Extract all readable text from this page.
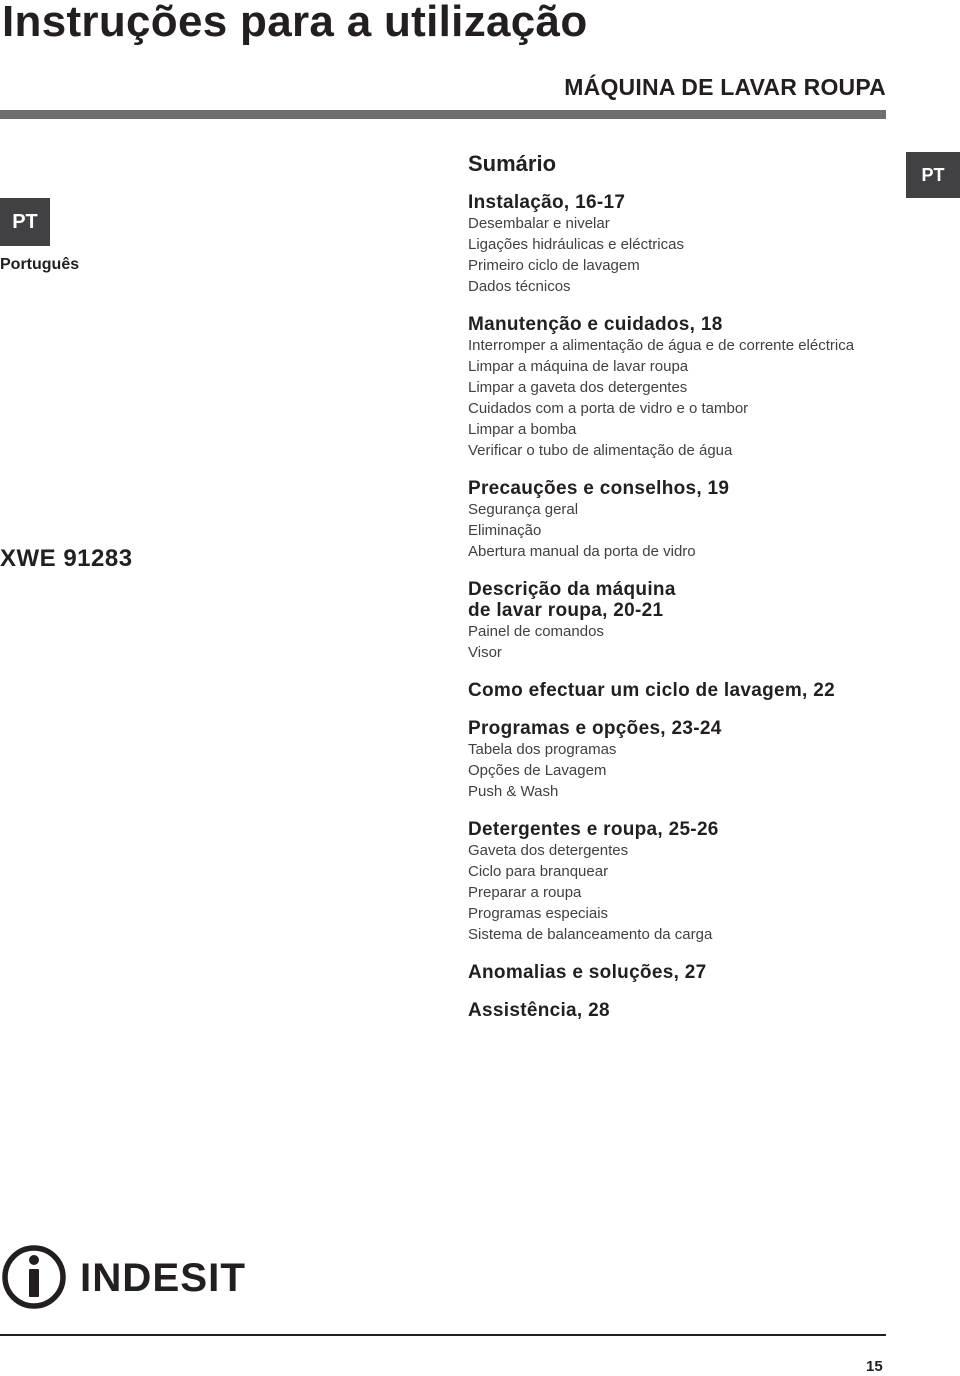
Instruções para a utilização
MÁQUINA DE LAVAR ROUPA
PT
Português
PT
XWE 91283
Sumário
Instalação, 16-17
Desembalar e nivelar
Ligações hidráulicas e eléctricas
Primeiro ciclo de lavagem
Dados técnicos
Manutenção e cuidados, 18
Interromper a alimentação de água e de corrente eléctrica
Limpar a máquina de lavar roupa
Limpar a gaveta dos detergentes
Cuidados com a porta de vidro e o tambor
Limpar a bomba
Verificar o tubo de alimentação de água
Precauções e conselhos, 19
Segurança geral
Eliminação
Abertura manual da porta de vidro
Descrição da máquina
de lavar roupa, 20-21
Painel de comandos
Visor
Como efectuar um ciclo de lavagem, 22
Programas e opções, 23-24
Tabela dos programas
Opções de Lavagem
Push & Wash
Detergentes e roupa, 25-26
Gaveta dos detergentes
Ciclo para branquear
Preparar a roupa
Programas especiais
Sistema de balanceamento da carga
Anomalias e soluções, 27
Assistência, 28
INDESIT
15
